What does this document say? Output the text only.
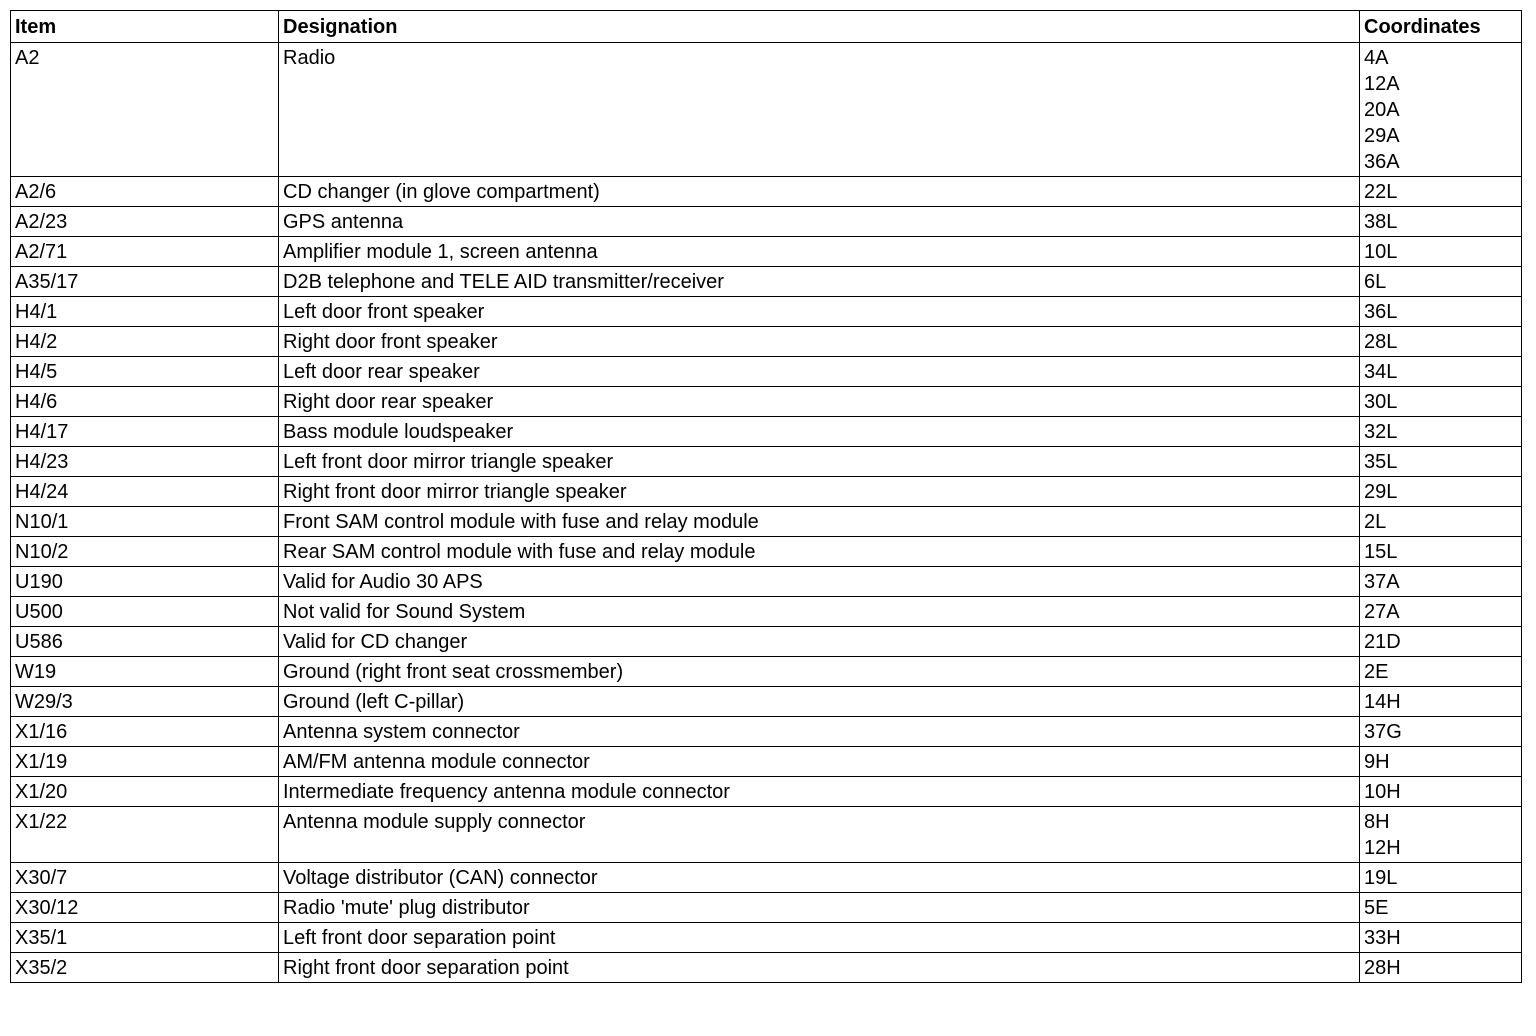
Item	Designation	Coordinates
A2	Radio	4A
12A
20A
29A
36A

A2/6	CD changer (in glove compartment)	22L

A2/23	GPS antenna	38L

A2/71	Amplifier module 1, screen antenna	10L

A35/17	D2B telephone and TELE AID transmitter/receiver	6L

H4/1	Left door front speaker	36L

H4/2	Right door front speaker	28L

H4/5	Left door rear speaker	34L

H4/6	Right door rear speaker	30L

H4/17	Bass module loudspeaker	32L

H4/23	Left front door mirror triangle speaker	35L

H4/24	Right front door mirror triangle speaker	29L

N10/1	Front SAM control module with fuse and relay module	2L

N10/2	Rear SAM control module with fuse and relay module	15L

U190	Valid for Audio 30 APS	37A

U500	Not valid for Sound System	27A

U586	Valid for CD changer	21D

W19	Ground (right front seat crossmember)	2E

W29/3	Ground (left C-pillar)	14H

X1/16	Antenna system connector	37G

X1/19	AM/FM antenna module connector	9H

X1/20	Intermediate frequency antenna module connector	10H

X1/22	Antenna module supply connector	8H
12H

X30/7	Voltage distributor (CAN) connector	19L

X30/12	Radio 'mute' plug distributor	5E

X35/1	Left front door separation point	33H

X35/2	Right front door separation point	28H
